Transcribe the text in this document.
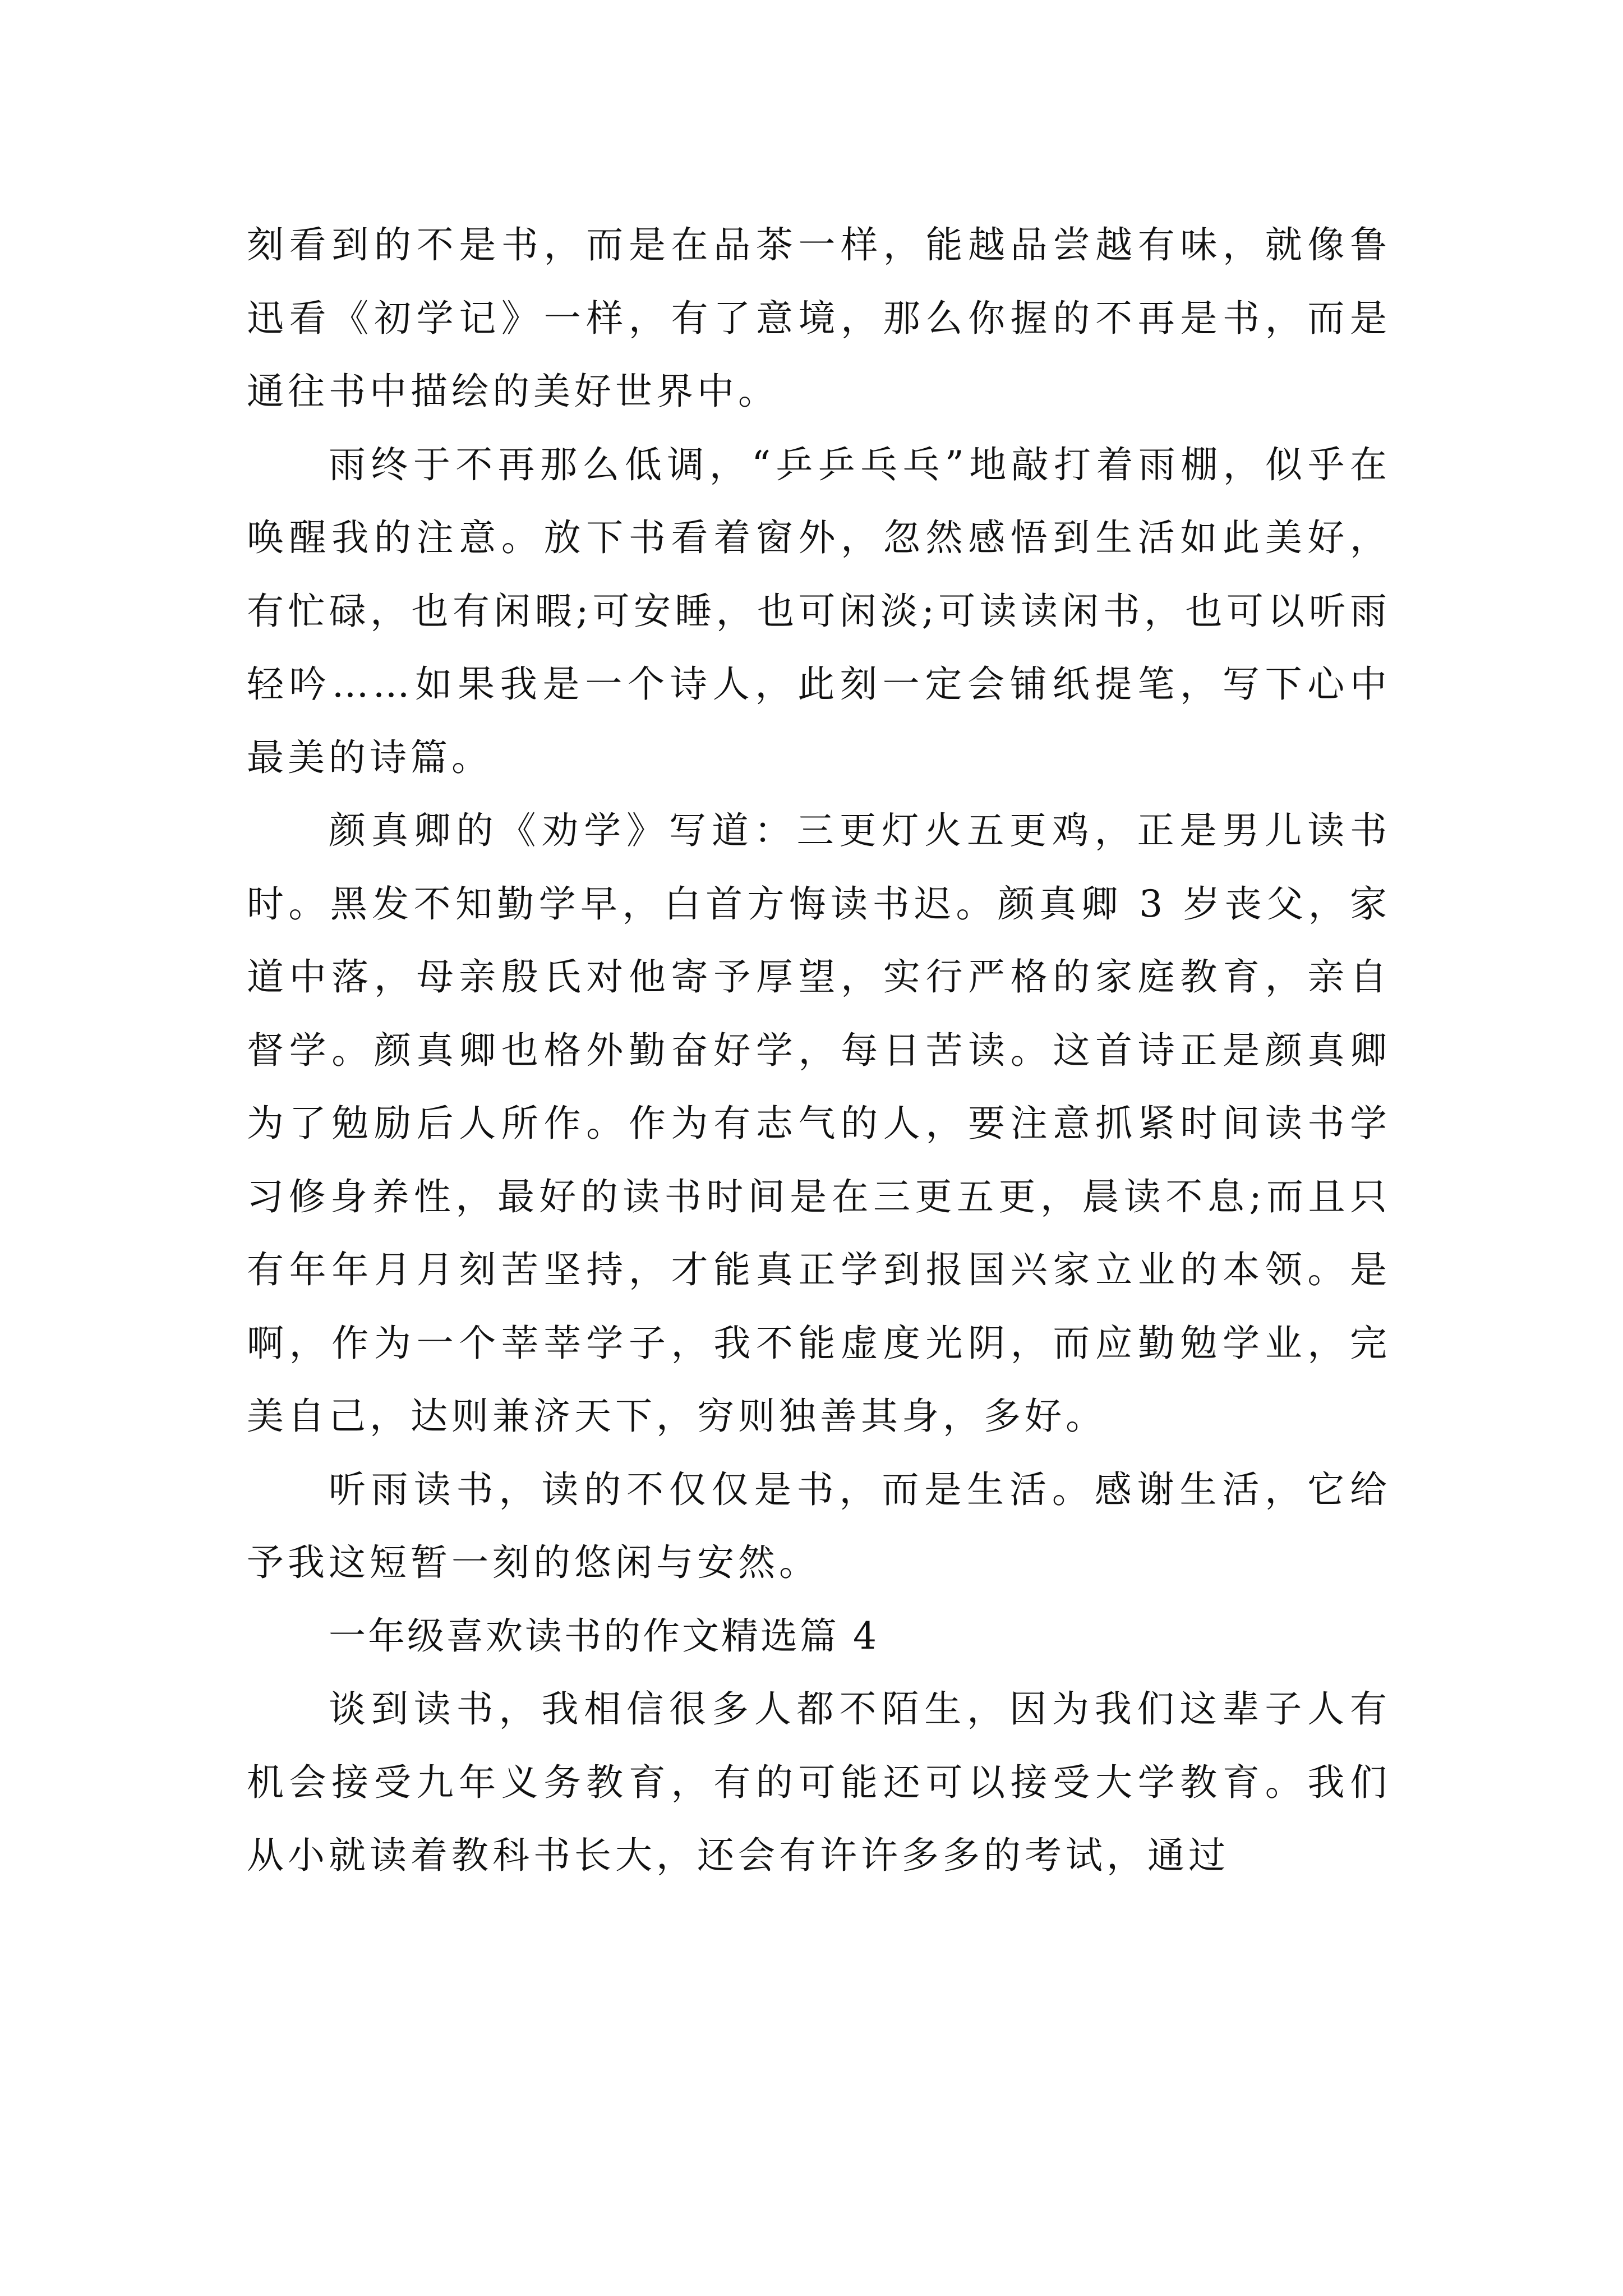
刻看到的不是书，而是在品茶一样，能越品尝越有味，就像鲁迅看《初学记》一样，有了意境，那么你握的不再是书，而是通往书中描绘的美好世界中。

雨终于不再那么低调，“乒乒乓乓”地敲打着雨棚，似乎在唤醒我的注意。放下书看着窗外，忽然感悟到生活如此美好，有忙碌，也有闲暇;可安睡，也可闲淡;可读读闲书，也可以听雨轻吟……如果我是一个诗人，此刻一定会铺纸提笔，写下心中最美的诗篇。

颜真卿的《劝学》写道：三更灯火五更鸡，正是男儿读书时。黑发不知勤学早，白首方悔读书迟。颜真卿 3 岁丧父，家道中落，母亲殷氏对他寄予厚望，实行严格的家庭教育，亲自督学。颜真卿也格外勤奋好学，每日苦读。这首诗正是颜真卿为了勉励后人所作。作为有志气的人，要注意抓紧时间读书学习修身养性，最好的读书时间是在三更五更，晨读不息;而且只有年年月月刻苦坚持，才能真正学到报国兴家立业的本领。是啊，作为一个莘莘学子，我不能虚度光阴，而应勤勉学业，完美自己，达则兼济天下，穷则独善其身，多好。

听雨读书，读的不仅仅是书，而是生活。感谢生活，它给予我这短暂一刻的悠闲与安然。

一年级喜欢读书的作文精选篇 4

谈到读书，我相信很多人都不陌生，因为我们这辈子人有机会接受九年义务教育，有的可能还可以接受大学教育。我们从小就读着教科书长大，还会有许许多多的考试，通过
